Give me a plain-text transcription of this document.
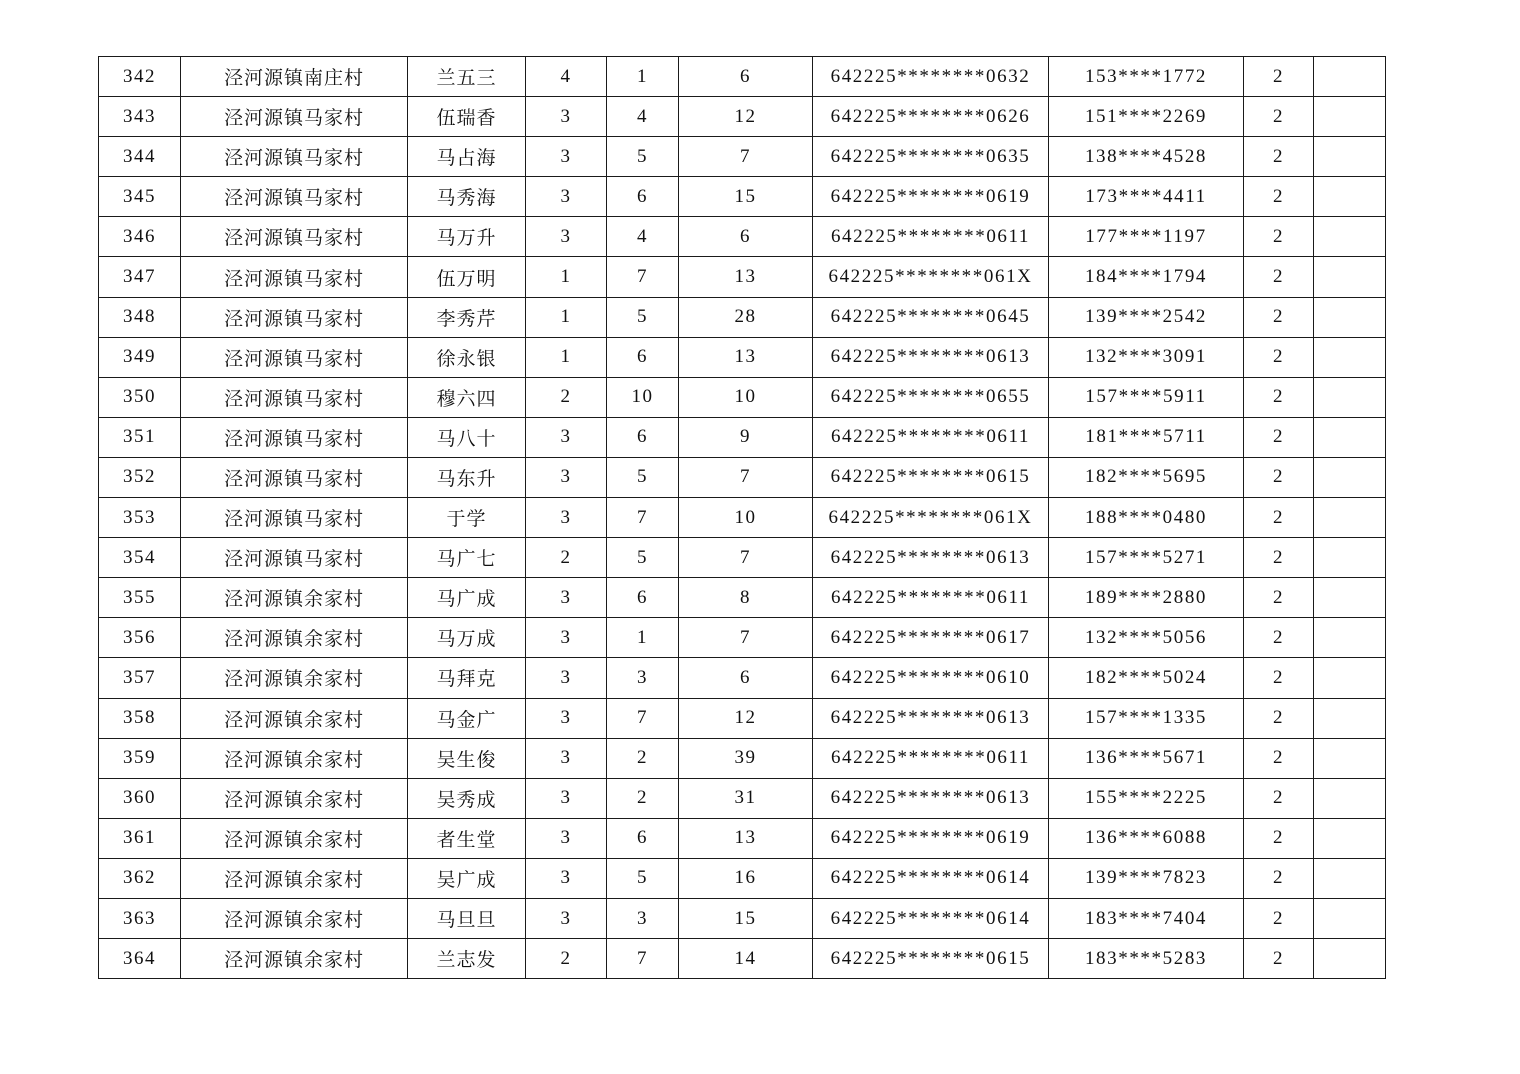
342	泾河源镇南庄村	兰五三	4	1	6	642225********0632	153****1772	2	
343	泾河源镇马家村	伍瑞香	3	4	12	642225********0626	151****2269	2	
344	泾河源镇马家村	马占海	3	5	7	642225********0635	138****4528	2	
345	泾河源镇马家村	马秀海	3	6	15	642225********0619	173****4411	2	
346	泾河源镇马家村	马万升	3	4	6	642225********0611	177****1197	2	
347	泾河源镇马家村	伍万明	1	7	13	642225********061X	184****1794	2	
348	泾河源镇马家村	李秀芹	1	5	28	642225********0645	139****2542	2	
349	泾河源镇马家村	徐永银	1	6	13	642225********0613	132****3091	2	
350	泾河源镇马家村	穆六四	2	10	10	642225********0655	157****5911	2	
351	泾河源镇马家村	马八十	3	6	9	642225********0611	181****5711	2	
352	泾河源镇马家村	马东升	3	5	7	642225********0615	182****5695	2	
353	泾河源镇马家村	于学	3	7	10	642225********061X	188****0480	2	
354	泾河源镇马家村	马广七	2	5	7	642225********0613	157****5271	2	
355	泾河源镇余家村	马广成	3	6	8	642225********0611	189****2880	2	
356	泾河源镇余家村	马万成	3	1	7	642225********0617	132****5056	2	
357	泾河源镇余家村	马拜克	3	3	6	642225********0610	182****5024	2	
358	泾河源镇余家村	马金广	3	7	12	642225********0613	157****1335	2	
359	泾河源镇余家村	吴生俊	3	2	39	642225********0611	136****5671	2	
360	泾河源镇余家村	吴秀成	3	2	31	642225********0613	155****2225	2	
361	泾河源镇余家村	者生堂	3	6	13	642225********0619	136****6088	2	
362	泾河源镇余家村	吴广成	3	5	16	642225********0614	139****7823	2	
363	泾河源镇余家村	马旦旦	3	3	15	642225********0614	183****7404	2	
364	泾河源镇余家村	兰志发	2	7	14	642225********0615	183****5283	2	
